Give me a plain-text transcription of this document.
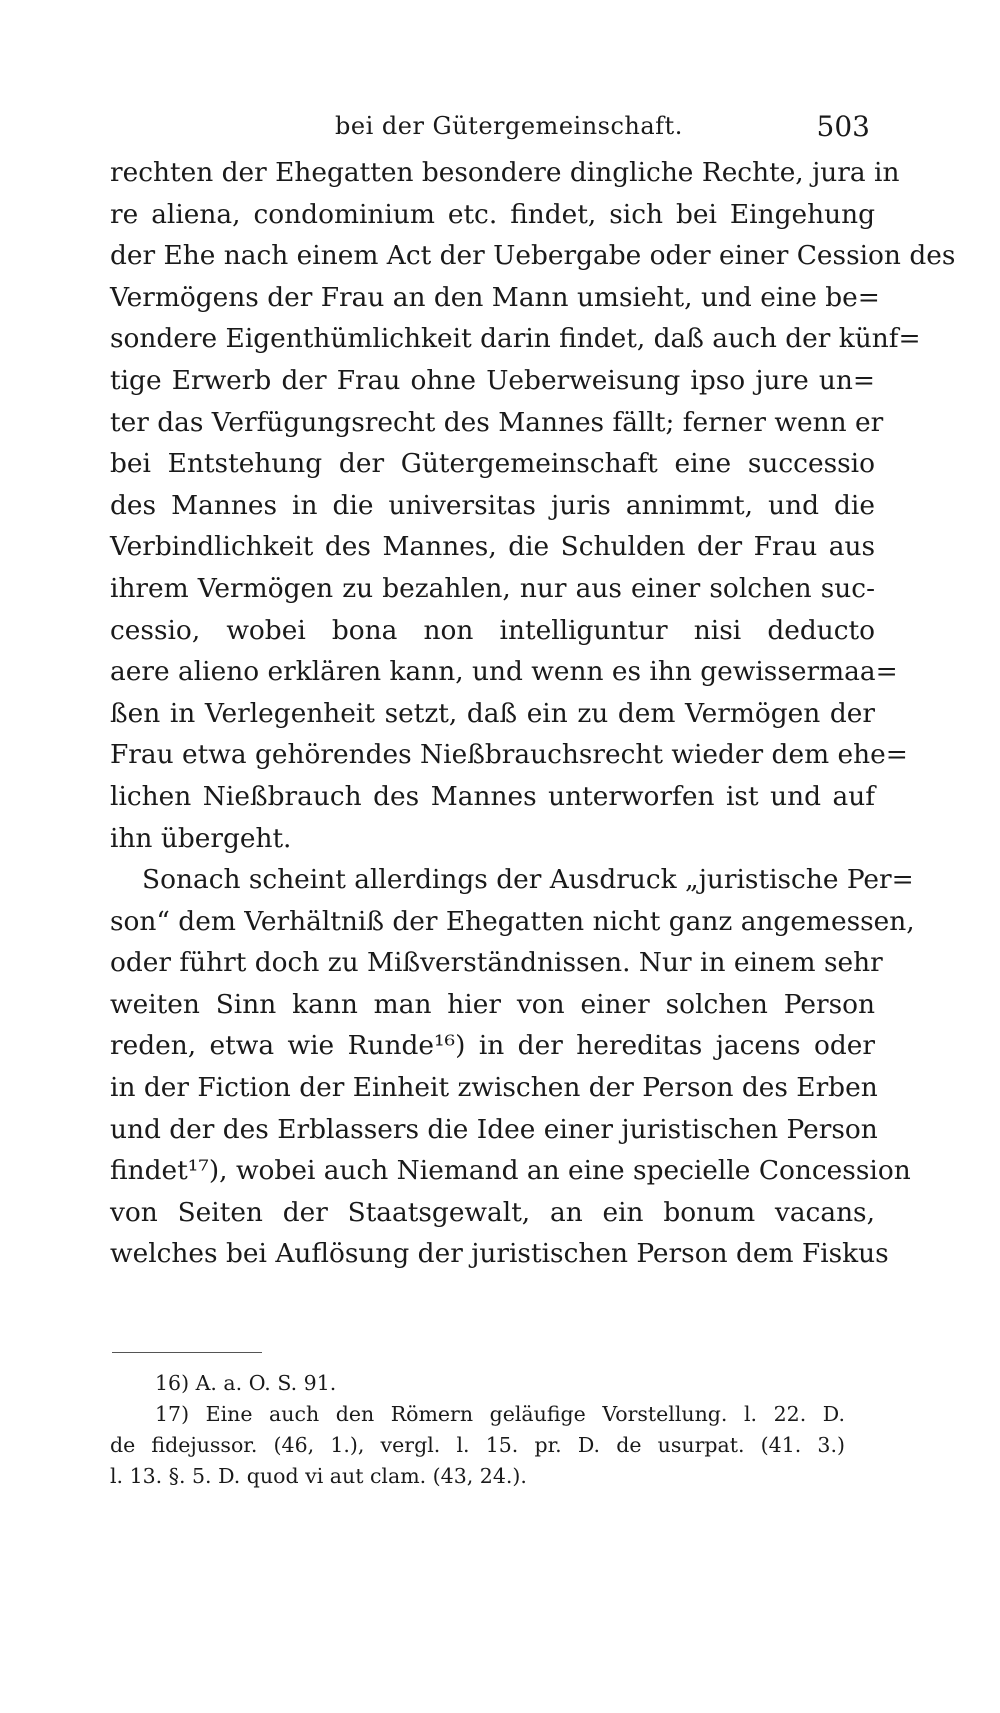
bei der Gütergemeinschaft.	503
rechten der Ehegatten besondere dingliche Rechte, jura in
re aliena, condominium etc. findet, sich bei Eingehung
der Ehe nach einem Act der Uebergabe oder einer Cession des
Vermögens der Frau an den Mann umsieht, und eine be=
sondere Eigenthümlichkeit darin findet, daß auch der künf=
tige Erwerb der Frau ohne Ueberweisung ipso jure un=
ter das Verfügungsrecht des Mannes fällt; ferner wenn er
bei Entstehung der Gütergemeinschaft eine successio
des Mannes in die universitas juris annimmt, und die
Verbindlichkeit des Mannes, die Schulden der Frau aus
ihrem Vermögen zu bezahlen, nur aus einer solchen suc-
cessio, wobei bona non intelliguntur nisi deducto
aere alieno erklären kann, und wenn es ihn gewissermaa=
ßen in Verlegenheit setzt, daß ein zu dem Vermögen der
Frau etwa gehörendes Nießbrauchsrecht wieder dem ehe=
lichen Nießbrauch des Mannes unterworfen ist und auf
ihn übergeht.
Sonach scheint allerdings der Ausdruck „juristische Per=
son“ dem Verhältniß der Ehegatten nicht ganz angemessen,
oder führt doch zu Mißverständnissen. Nur in einem sehr
weiten Sinn kann man hier von einer solchen Person
reden, etwa wie Runde¹⁶) in der hereditas jacens oder
in der Fiction der Einheit zwischen der Person des Erben
und der des Erblassers die Idee einer juristischen Person
findet¹⁷), wobei auch Niemand an eine specielle Concession
von Seiten der Staatsgewalt, an ein bonum vacans,
welches bei Auflösung der juristischen Person dem Fiskus
16) A. a. O. S. 91.
17) Eine auch den Römern geläufige Vorstellung. l. 22. D.
de fidejussor. (46, 1.), vergl. l. 15. pr. D. de usurpat. (41. 3.)
l. 13. §. 5. D. quod vi aut clam. (43, 24.).
